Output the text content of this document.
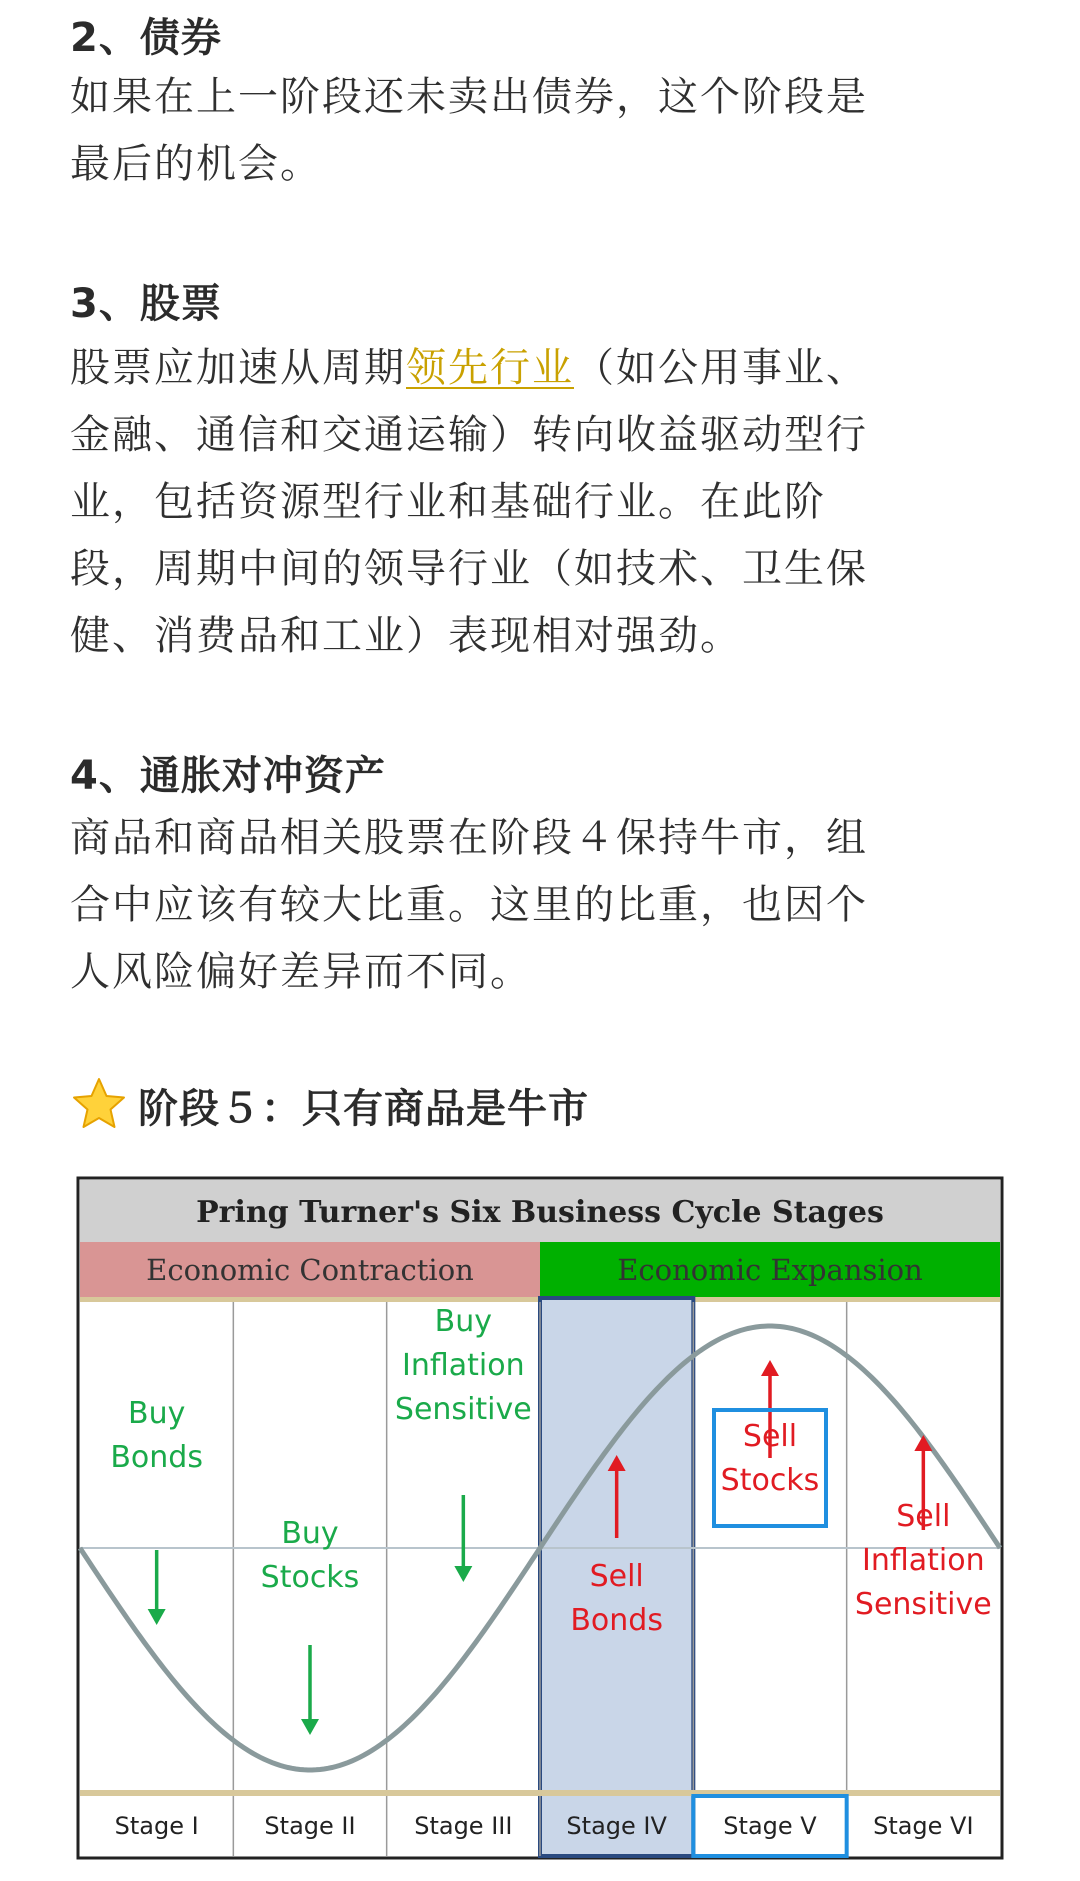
2、债券
如果在上一阶段还未卖出债券，这个阶段是
最后的机会。
3、股票
股票应加速从周期领先行业（如公用事业、
金融、通信和交通运输）转向收益驱动型行
业，包括资源型行业和基础行业。在此阶
段，周期中间的领导行业（如技术、卫生保
健、消费品和工业）表现相对强劲。
4、通胀对冲资产
商品和商品相关股票在阶段４保持牛市，组
合中应该有较大比重。这里的比重，也因个
人风险偏好差异而不同。
阶段５：只有商品是牛市
Pring Turner's Six Business Cycle Stages
Economic Contraction	Economic Expansion
Buy
Bonds
Buy
Stocks
Buy
Inflation
Sensitive
Sell
Bonds
Sell
Stocks
Sell
Inflation
Sensitive
Stage I	Stage II Stage III Stage IV Stage V Stage VI
